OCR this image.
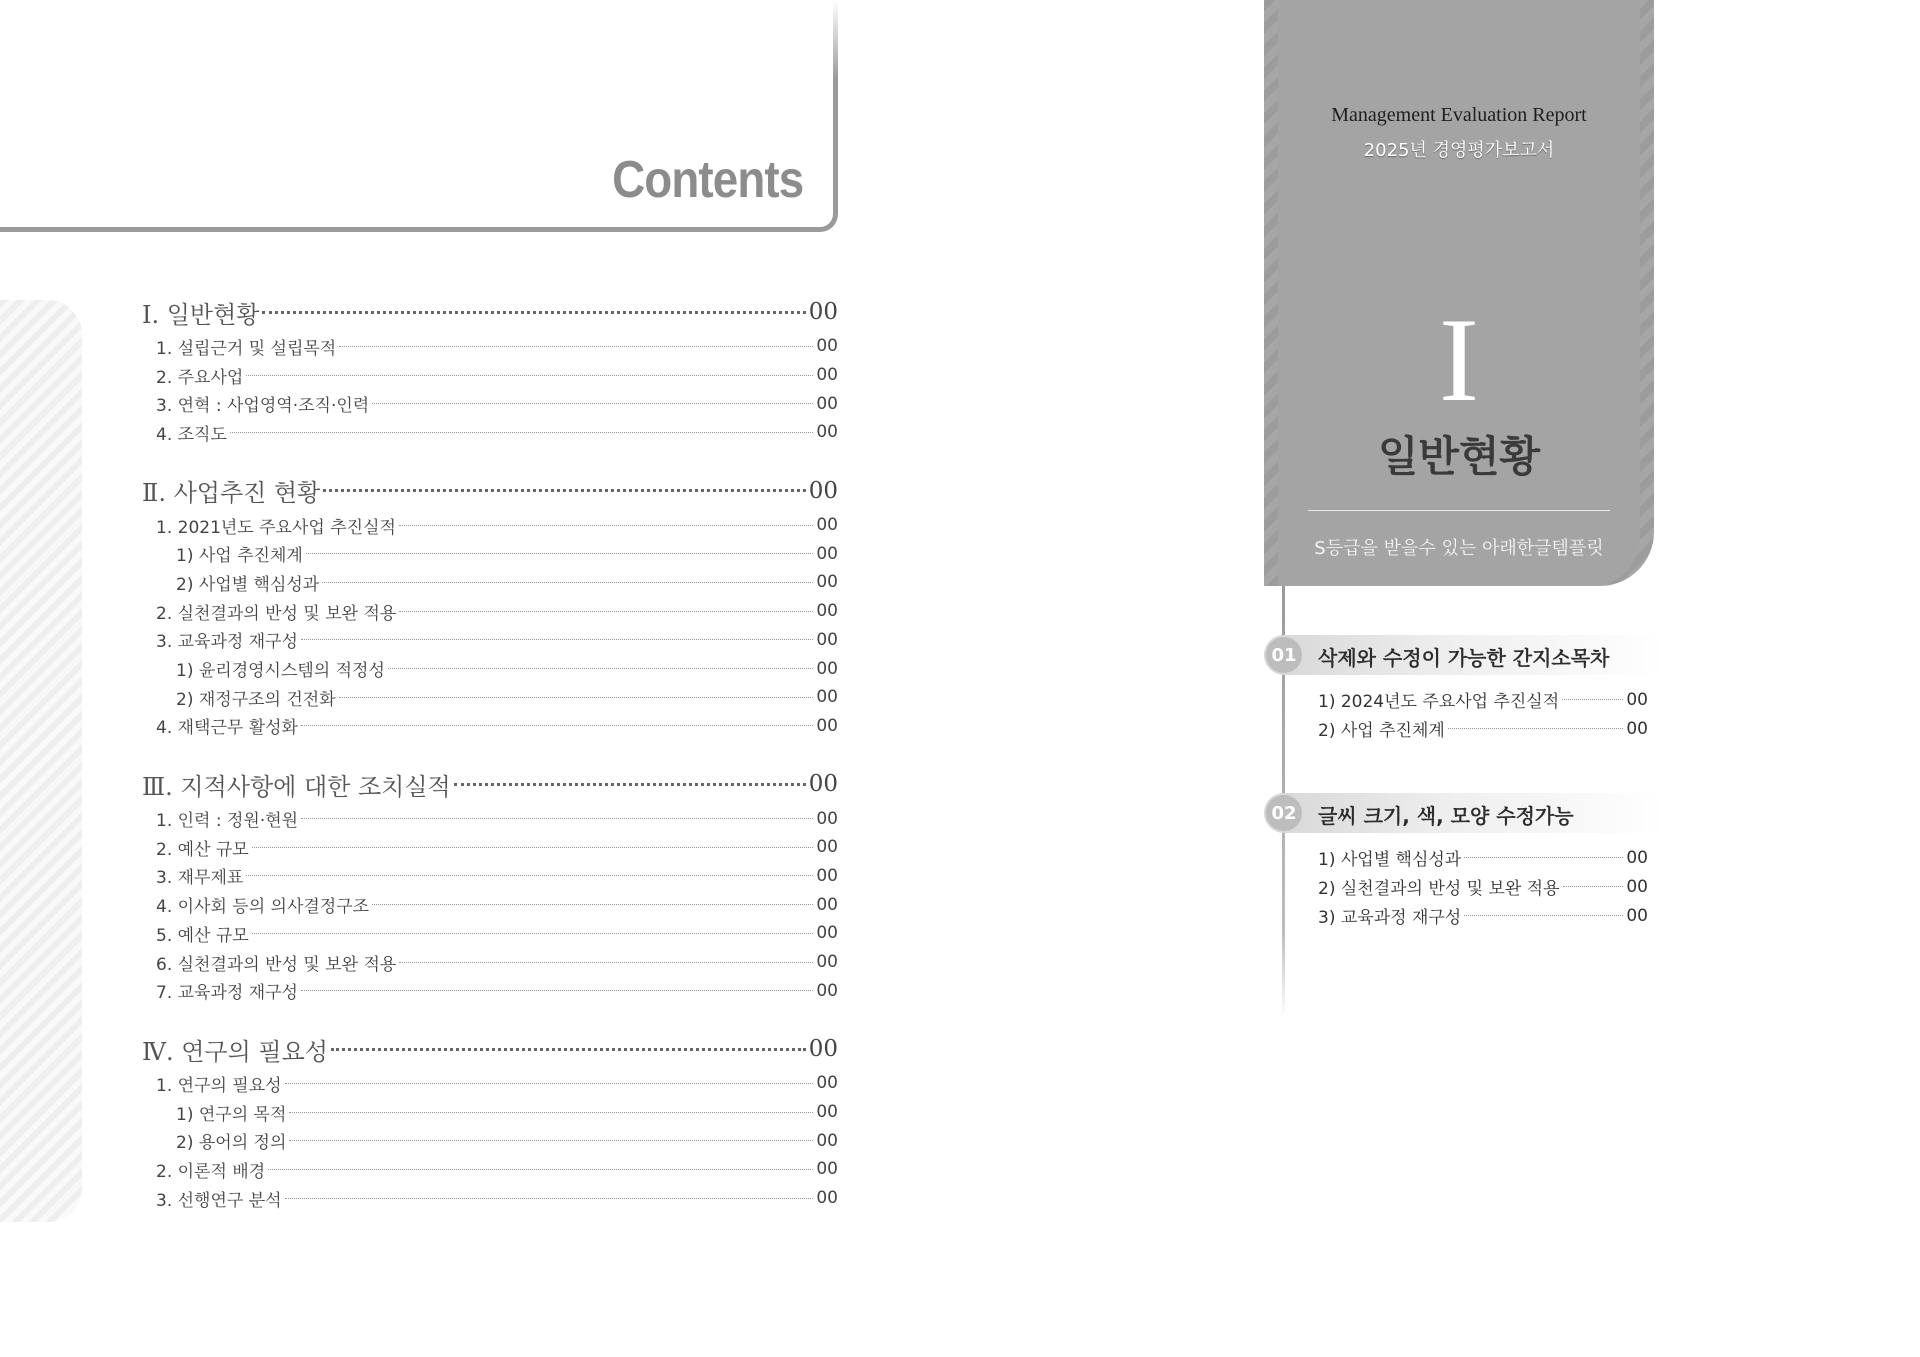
Contents
Ⅰ. 일반현황	00
1. 설립근거 및 설립목적	00
2. 주요사업	00
3. 연혁 : 사업영역·조직·인력	00
4. 조직도	00
Ⅱ. 사업추진 현황	00
1. 2021년도 주요사업 추진실적	00
1) 사업 추진체계	00
2) 사업별 핵심성과	00
2. 실천결과의 반성 및 보완 적용	00
3. 교육과정 재구성	00
1) 윤리경영시스템의 적정성	00
2) 재정구조의 건전화	00
4. 재택근무 활성화	00
Ⅲ. 지적사항에 대한 조치실적	00
1. 인력 : 정원·현원	00
2. 예산 규모	00
3. 재무제표	00
4. 이사회 등의 의사결정구조	00
5. 예산 규모	00
6. 실천결과의 반성 및 보완 적용	00
7. 교육과정 재구성	00
Ⅳ. 연구의 필요성	00
1. 연구의 필요성	00
1) 연구의 목적	00
2) 용어의 정의	00
2. 이론적 배경	00
3. 선행연구 분석	00
Management Evaluation Report
2025년 경영평가보고서
I
일반현황
S등급을 받을수 있는 아래한글템플릿
01 삭제와 수정이 가능한 간지소목차
1) 2024년도 주요사업 추진실적	00
2) 사업 추진체계	00
02 글씨 크기, 색, 모양 수정가능
1) 사업별 핵심성과	00
2) 실천결과의 반성 및 보완 적용	00
3) 교육과정 재구성	00
